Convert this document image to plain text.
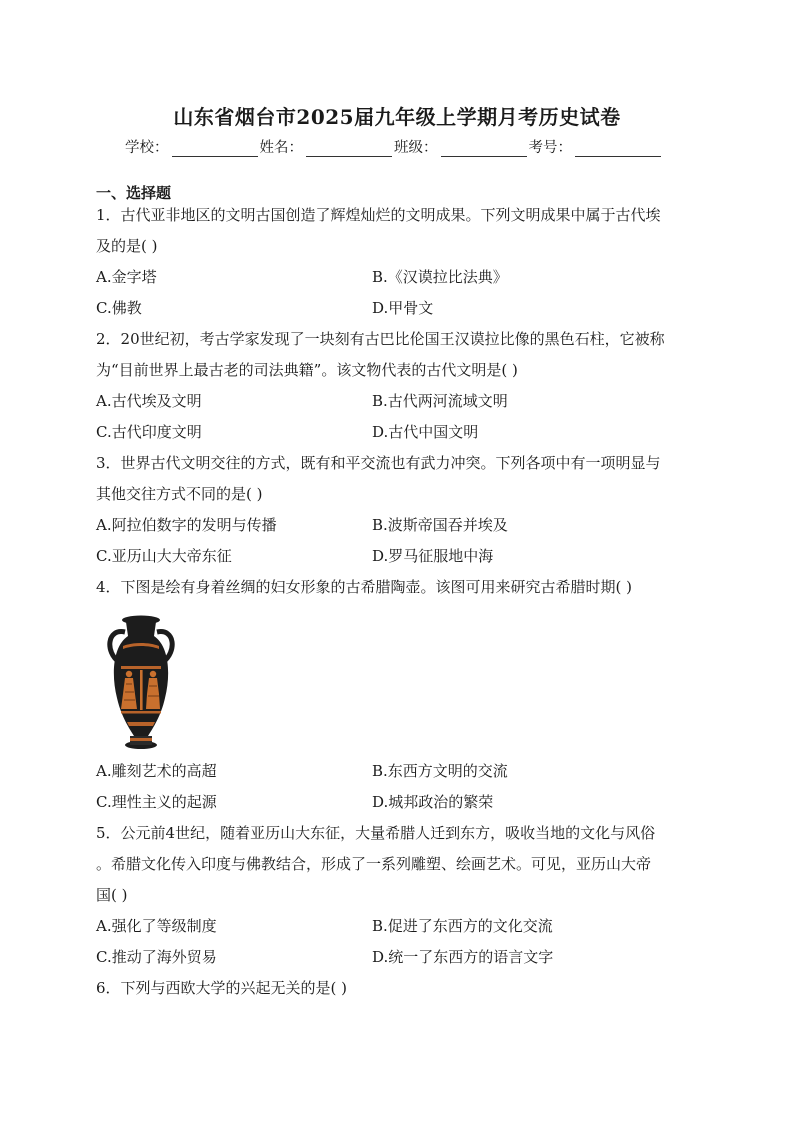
山东省烟台市2025届九年级上学期月考历史试卷
学校：	姓名：	班级：	考号：
一、选择题
1．古代亚非地区的文明古国创造了辉煌灿烂的文明成果。下列文明成果中属于古代埃
及的是( )
A.金字塔	B.《汉谟拉比法典》
C.佛教	D.甲骨文
2．20世纪初，考古学家发现了一块刻有古巴比伦国王汉谟拉比像的黑色石柱，它被称
为“目前世界上最古老的司法典籍”。该文物代表的古代文明是( )
A.古代埃及文明	B.古代两河流域文明
C.古代印度文明	D.古代中国文明
3．世界古代文明交往的方式，既有和平交流也有武力冲突。下列各项中有一项明显与
其他交往方式不同的是( )
A.阿拉伯数字的发明与传播	B.波斯帝国吞并埃及
C.亚历山大大帝东征	D.罗马征服地中海
4．下图是绘有身着丝绸的妇女形象的古希腊陶壶。该图可用来研究古希腊时期( )
A.雕刻艺术的高超	B.东西方文明的交流
C.理性主义的起源	D.城邦政治的繁荣
5．公元前4世纪，随着亚历山大东征，大量希腊人迁到东方，吸收当地的文化与风俗
。希腊文化传入印度与佛教结合，形成了一系列雕塑、绘画艺术。可见，亚历山大帝
国( )
A.强化了等级制度	B.促进了东西方的文化交流
C.推动了海外贸易	D.统一了东西方的语言文字
6．下列与西欧大学的兴起无关的是( )
